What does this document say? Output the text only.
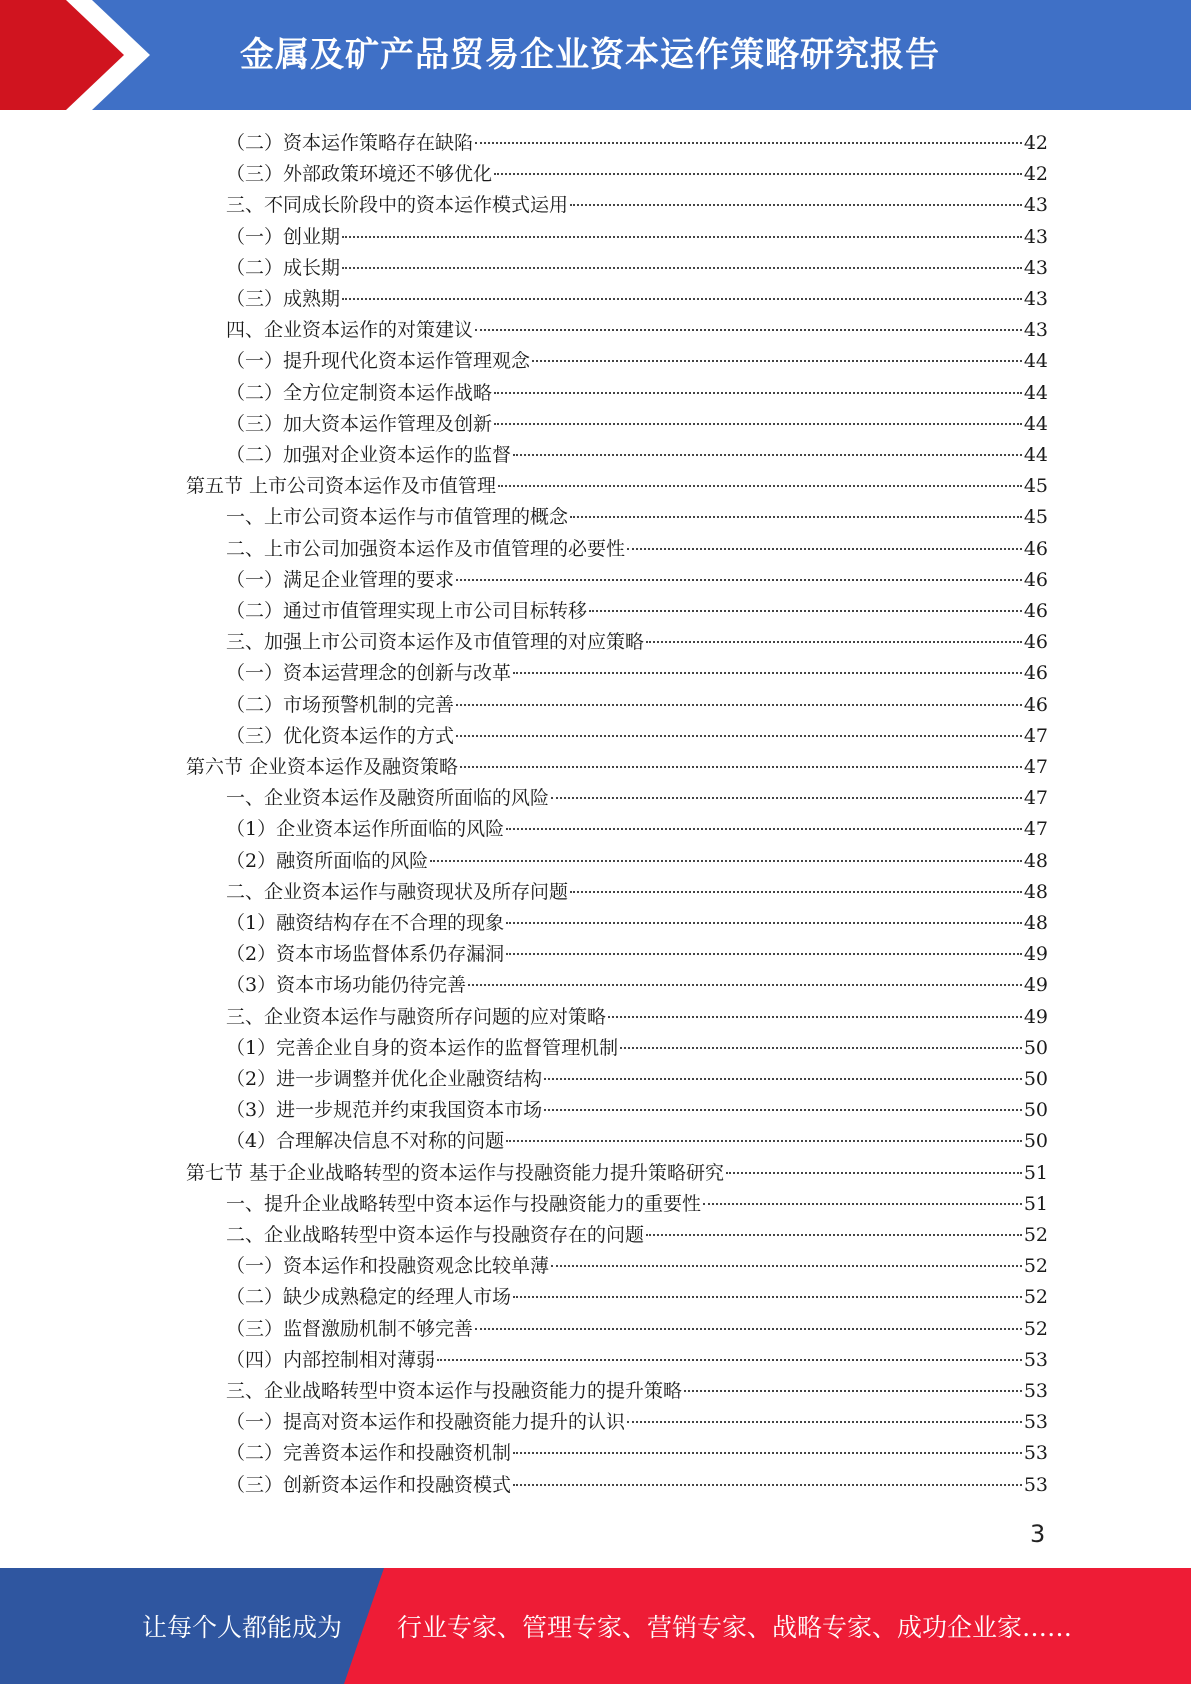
金属及矿产品贸易企业资本运作策略研究报告
（二）资本运作策略存在缺陷	42
（三）外部政策环境还不够优化	42
三、不同成长阶段中的资本运作模式运用	43
（一）创业期	43
（二）成长期	43
（三）成熟期	43
四、企业资本运作的对策建议	43
（一）提升现代化资本运作管理观念	44
（二）全方位定制资本运作战略	44
（三）加大资本运作管理及创新	44
（二）加强对企业资本运作的监督	44
第五节 上市公司资本运作及市值管理	45
一、上市公司资本运作与市值管理的概念	45
二、上市公司加强资本运作及市值管理的必要性	46
（一）满足企业管理的要求	46
（二）通过市值管理实现上市公司目标转移	46
三、加强上市公司资本运作及市值管理的对应策略	46
（一）资本运营理念的创新与改革	46
（二）市场预警机制的完善	46
（三）优化资本运作的方式	47
第六节 企业资本运作及融资策略	47
一、企业资本运作及融资所面临的风险	47
（1）企业资本运作所面临的风险	47
（2）融资所面临的风险	48
二、企业资本运作与融资现状及所存问题	48
（1）融资结构存在不合理的现象	48
（2）资本市场监督体系仍存漏洞	49
（3）资本市场功能仍待完善	49
三、企业资本运作与融资所存问题的应对策略	49
（1）完善企业自身的资本运作的监督管理机制	50
（2）进一步调整并优化企业融资结构	50
（3）进一步规范并约束我国资本市场	50
（4）合理解决信息不对称的问题	50
第七节 基于企业战略转型的资本运作与投融资能力提升策略研究	51
一、提升企业战略转型中资本运作与投融资能力的重要性	51
二、企业战略转型中资本运作与投融资存在的问题	52
（一）资本运作和投融资观念比较单薄	52
（二）缺少成熟稳定的经理人市场	52
（三）监督激励机制不够完善	52
（四）内部控制相对薄弱	53
三、企业战略转型中资本运作与投融资能力的提升策略	53
（一）提高对资本运作和投融资能力提升的认识	53
（二）完善资本运作和投融资机制	53
（三）创新资本运作和投融资模式	53
3
让每个人都能成为 行业专家、管理专家、营销专家、战略专家、成功企业家……
